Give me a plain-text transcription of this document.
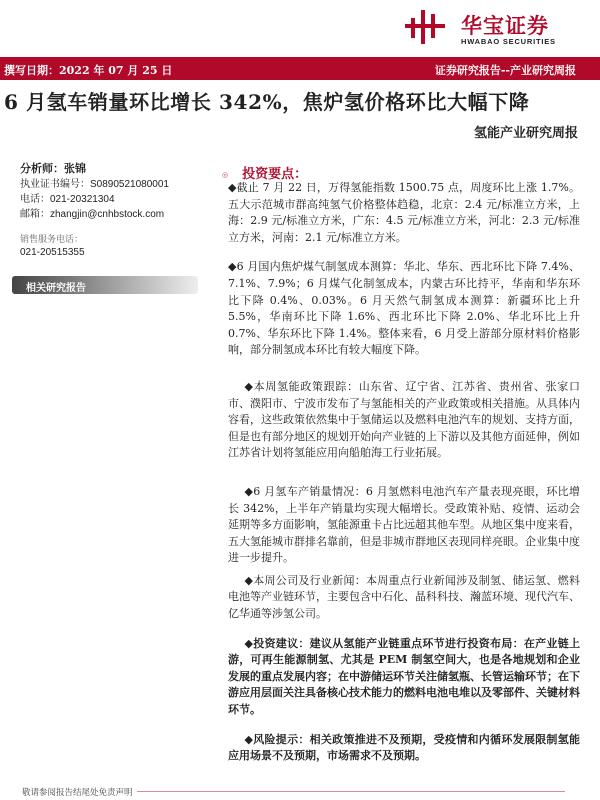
华宝证券
HWABAO SECURITIES
撰写日期：2022 年 07 月 25 日	证券研究报告--产业研究周报
6 月氢车销量环比增长 342%，焦炉氢价格环比大幅下降
氢能产业研究周报
分析师：张锦
执业证书编号：S0890521080001
电话：021-20321304
邮箱：zhangjin@cnhbstock.com
销售服务电话：
021-20515355
相关研究报告
◎ 投资要点：

◆截止 7 月 22 日，万得氢能指数 1500.75 点，周度环比上涨 1.7%。五大示范城市群高纯氢气价格整体趋稳，北京：2.4 元/标准立方米，上海：2.9 元/标准立方米，广东：4.5 元/标准立方米，河北：2.3 元/标准立方米，河南：2.1 元/标准立方米。

◆6 月国内焦炉煤气制氢成本测算：华北、华东、西北环比下降 7.4%、7.1%、7.9%；6 月煤气化制氢成本，内蒙古环比持平，华南和华东环比下降 0.4%、0.03%。6 月天然气制氢成本测算：新疆环比上升 5.5%，华南环比下降 1.6%、西北环比下降 2.0%、华北环比上升 0.7%、华东环比下降 1.4%。整体来看，6 月受上游部分原材料价格影响，部分制氢成本环比有较大幅度下降。

◆本周氢能政策跟踪：山东省、辽宁省、江苏省、贵州省、张家口市、濮阳市、宁波市发布了与氢能相关的产业政策或相关措施。从具体内容看，这些政策依然集中于氢储运以及燃料电池汽车的规划、支持方面，但是也有部分地区的规划开始向产业链的上下游以及其他方面延伸，例如江苏省计划将氢能应用向船舶海工行业拓展。

◆6 月氢车产销量情况：6 月氢燃料电池汽车产量表现亮眼，环比增长 342%，上半年产销量均实现大幅增长。受政策补贴、疫情、运动会延期等多方面影响，氢能源重卡占比远超其他车型。从地区集中度来看，五大氢能城市群排名靠前，但是非城市群地区表现同样亮眼。企业集中度进一步提升。

◆本周公司及行业新闻：本周重点行业新闻涉及制氢、储运氢、燃料电池等产业链环节，主要包含中石化、晶科科技、瀚蓝环境、现代汽车、亿华通等涉氢公司。

◆投资建议：建议从氢能产业链重点环节进行投资布局：在产业链上游，可再生能源制氢、尤其是 PEM 制氢空间大，也是各地规划和企业发展的重点发展内容；在中游储运环节关注储氢瓶、长管运输环节；在下游应用层面关注具备核心技术能力的燃料电池电堆以及零部件、关键材料环节。

◆风险提示：相关政策推进不及预期，受疫情和内循环发展限制氢能应用场景不及预期，市场需求不及预期。

敬请参阅报告结尾处免责声明
